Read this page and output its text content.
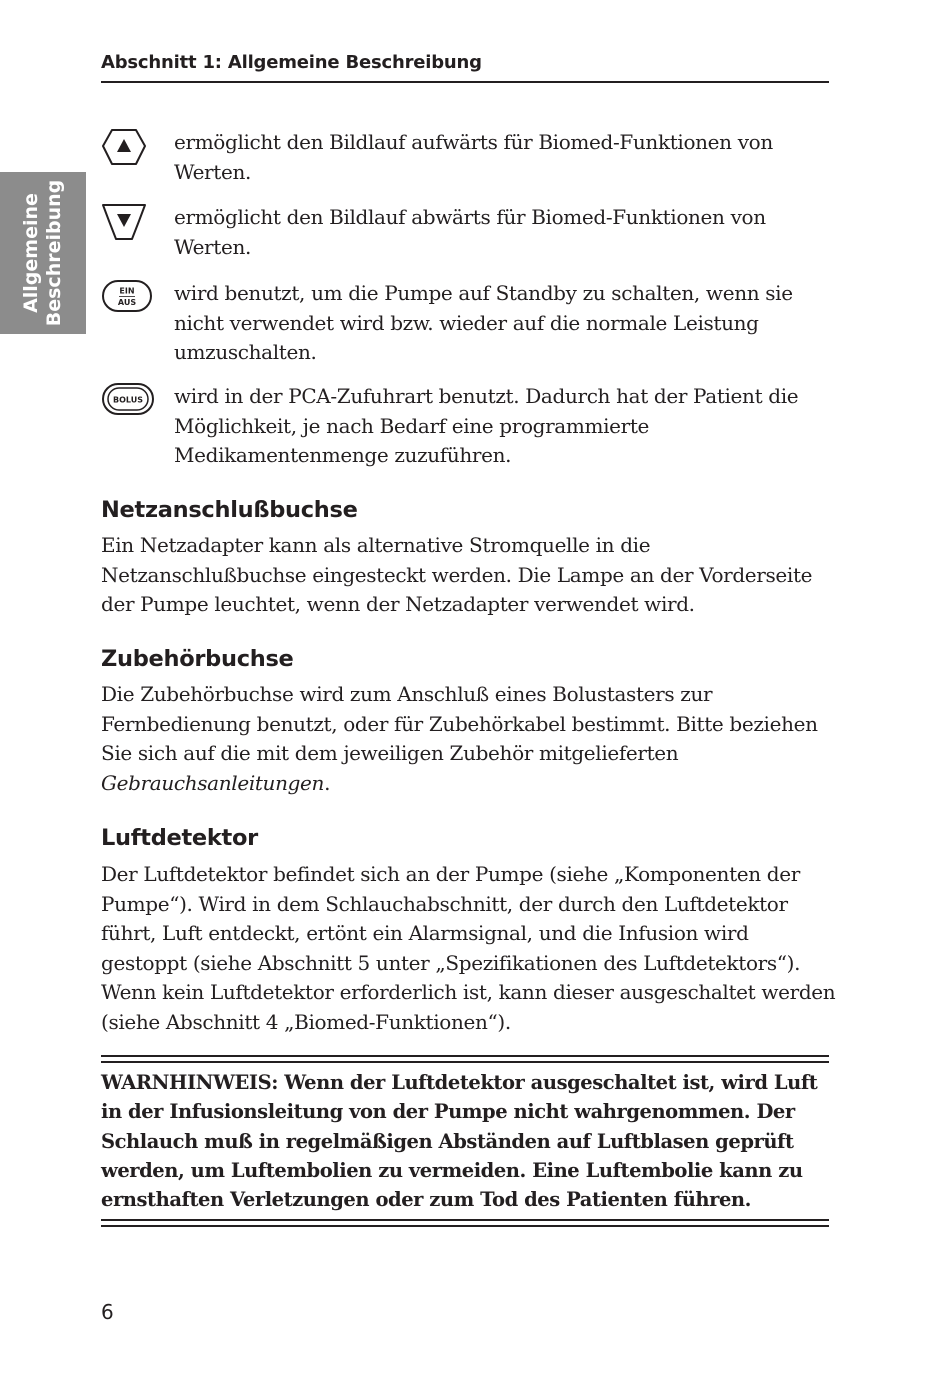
Abschnitt 1: Allgemeine Beschreibung
Allgemeine Beschreibung
ermöglicht den Bildlauf aufwärts für Biomed-Funktionen von Werten.
ermöglicht den Bildlauf abwärts für Biomed-Funktionen von Werten.
EIN
AUS wird benutzt, um die Pumpe auf Standby zu schalten, wenn sie nicht verwendet wird bzw. wieder auf die normale Leistung umzuschalten.
BOLUS wird in der PCA-Zufuhrart benutzt. Dadurch hat der Patient die Möglichkeit, je nach Bedarf eine programmierte Medikamentenmenge zuzuführen.
Netzanschlußbuchse

Ein Netzadapter kann als alternative Stromquelle in die Netzanschlußbuchse eingesteckt werden. Die Lampe an der Vorderseite der Pumpe leuchtet, wenn der Netzadapter verwendet wird.

Zubehörbuchse

Die Zubehörbuchse wird zum Anschluß eines Bolustasters zur Fernbedienung benutzt, oder für Zubehörkabel bestimmt. Bitte beziehen Sie sich auf die mit dem jeweiligen Zubehör mitgelieferten Gebrauchsanleitungen.

Luftdetektor

Der Luftdetektor befindet sich an der Pumpe (siehe „Komponenten der Pumpe“). Wird in dem Schlauchabschnitt, der durch den Luftdetektor führt, Luft entdeckt, ertönt ein Alarmsignal, und die Infusion wird gestoppt (siehe Abschnitt 5 unter „Spezifikationen des Luftdetektors“). Wenn kein Luftdetektor erforderlich ist, kann dieser ausgeschaltet werden (siehe Abschnitt 4 „Biomed-Funktionen“).

WARNHINWEIS: Wenn der Luftdetektor ausgeschaltet ist, wird Luft in der Infusionsleitung von der Pumpe nicht wahrgenommen. Der Schlauch muß in regelmäßigen Abständen auf Luftblasen geprüft werden, um Luftembolien zu vermeiden. Eine Luftembolie kann zu ernsthaften Verletzungen oder zum Tod des Patienten führen.

6
